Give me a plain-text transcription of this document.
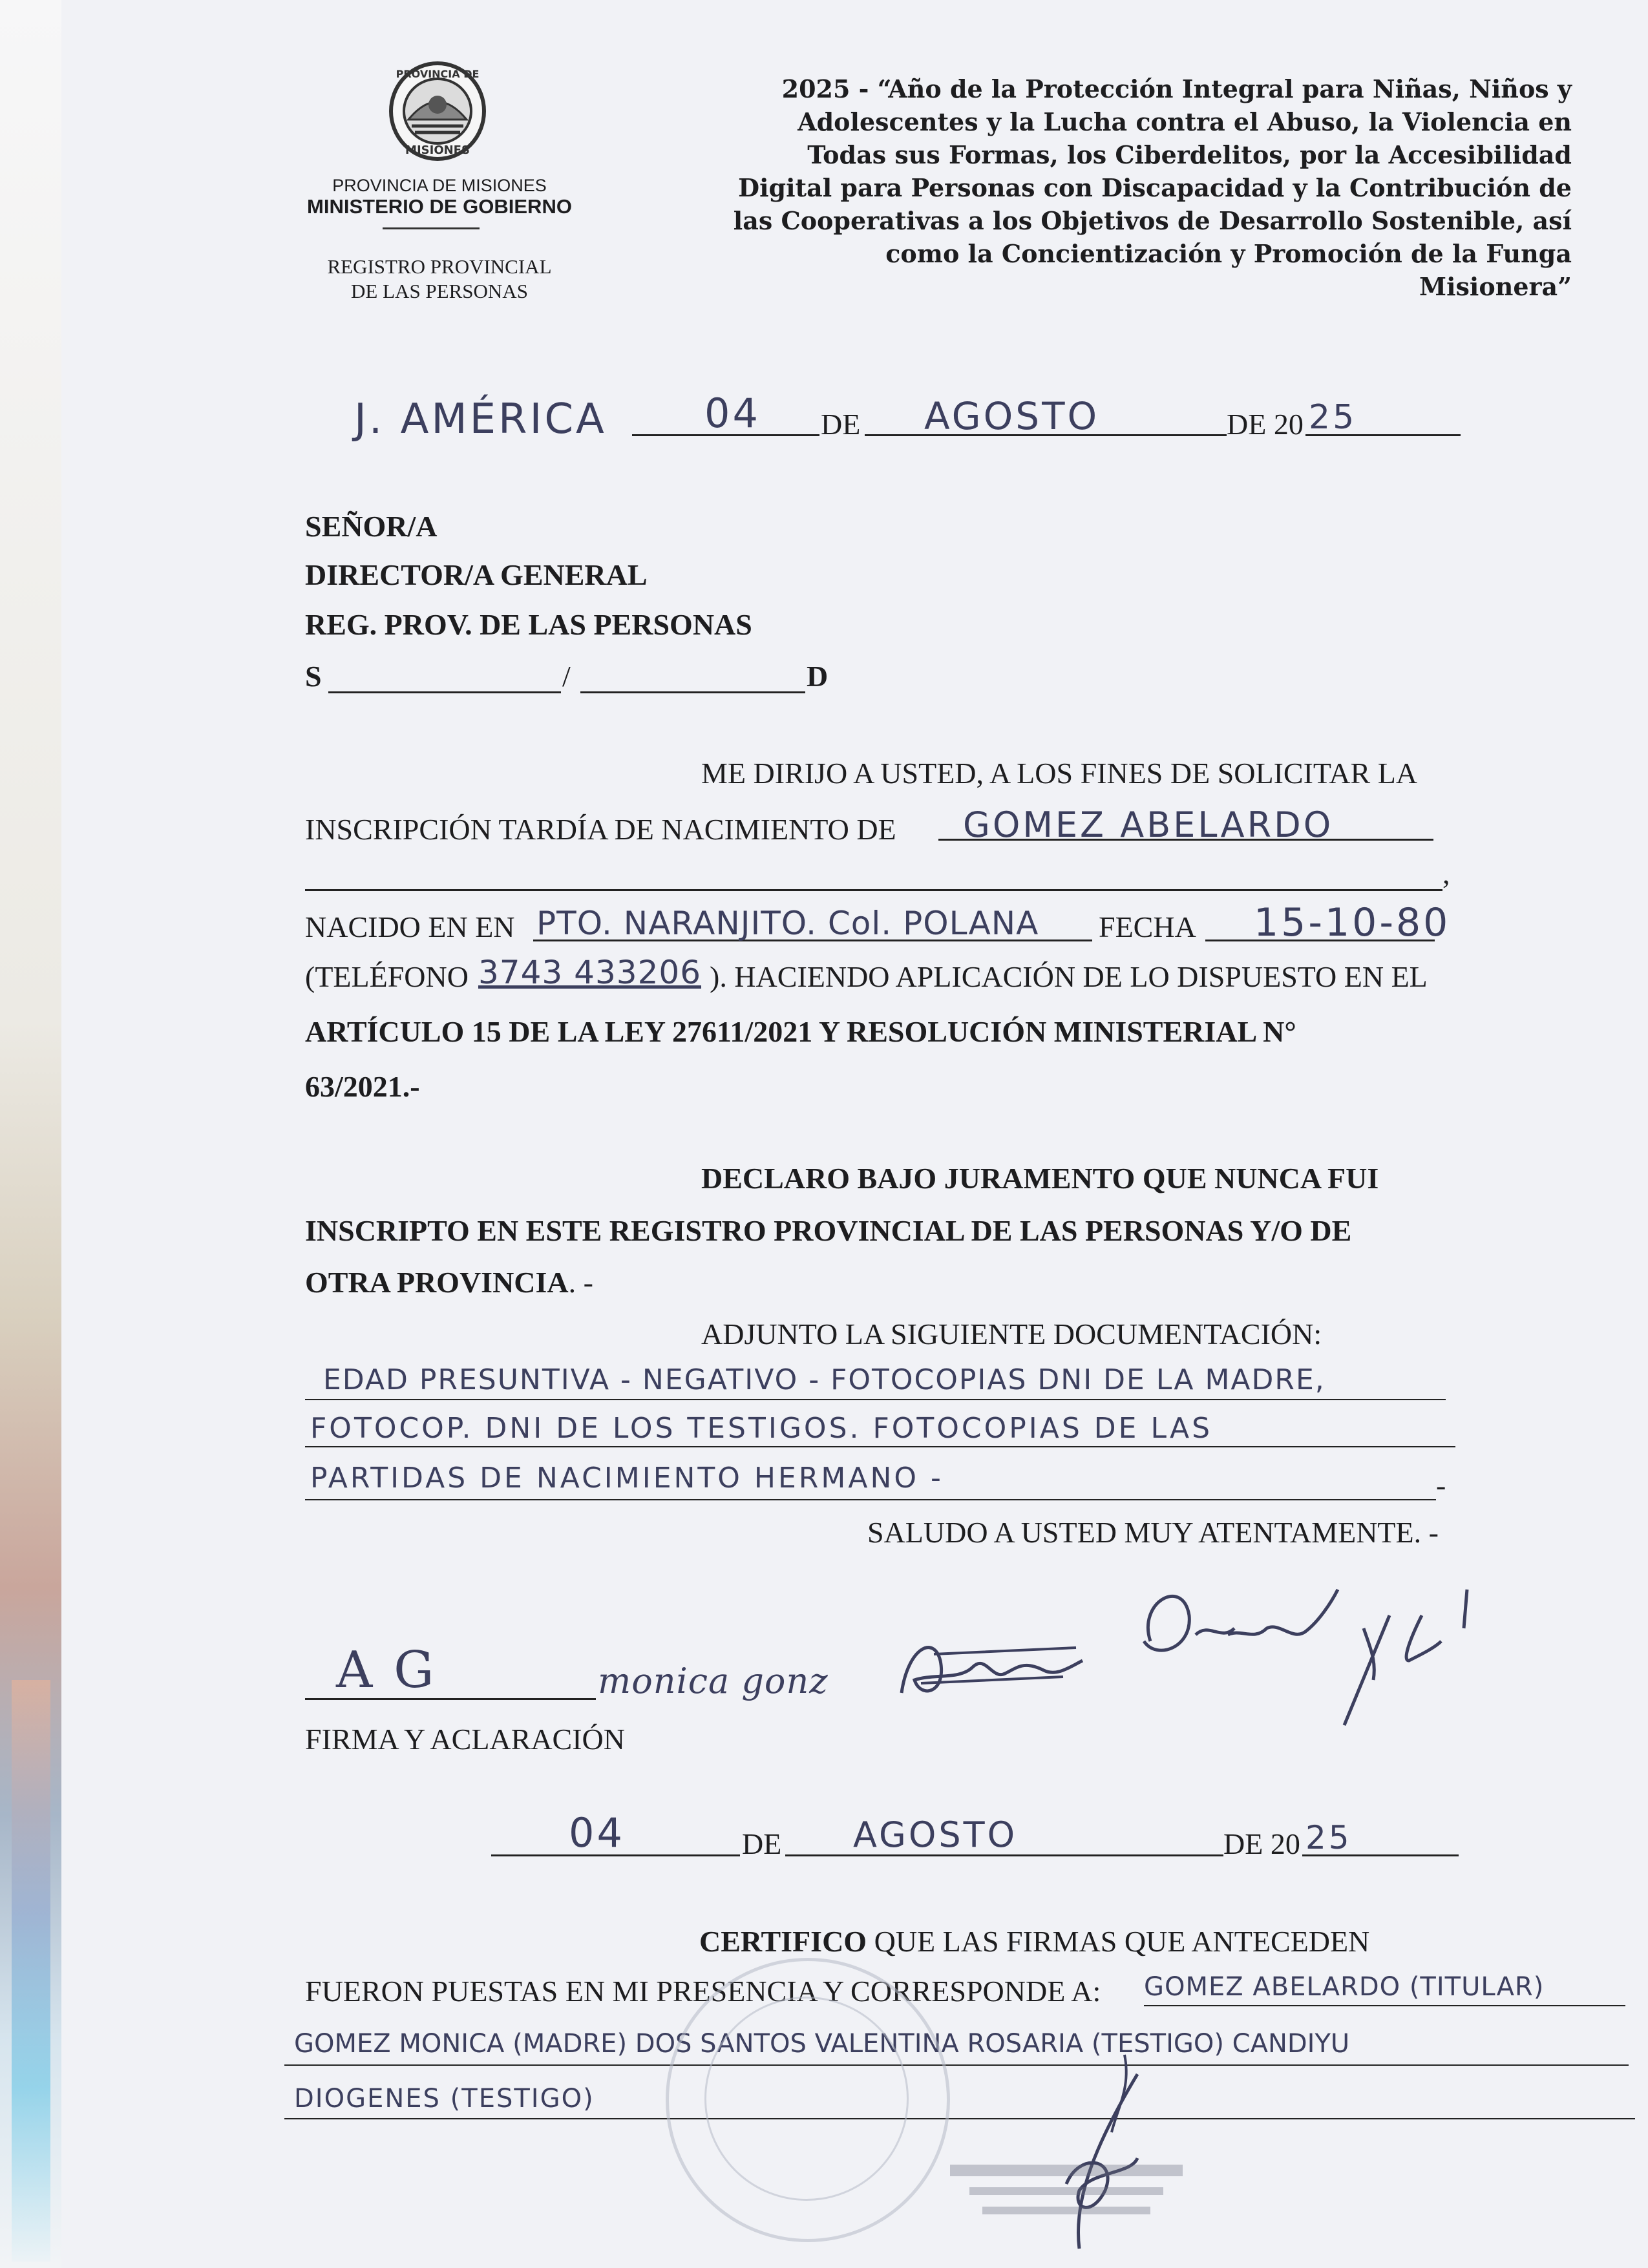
PROVINCIA DE
MISIONES
PROVINCIA DE MISIONES
MINISTERIO DE GOBIERNO
REGISTRO PROVINCIAL
DE LAS PERSONAS
2025 - “Año de la Protección Integral para Niñas, Niños y Adolescentes y la Lucha contra el Abuso, la Violencia en Todas sus Formas, los Ciberdelitos, por la Accesibilidad Digital para Personas con Discapacidad y la Contribución de las Cooperativas a los Objetivos de Desarrollo Sostenible, así como la Concientización y Promoción de la Funga Misionera”
J. AMÉRICA 04 DE AGOSTO	DE 20 25
SEÑOR/A
DIRECTOR/A GENERAL
REG. PROV. DE LAS PERSONAS
S	/	D
ME DIRIJO A USTED, A LOS FINES DE SOLICITAR LA
INSCRIPCIÓN TARDÍA DE NACIMIENTO DE GOMEZ ABELARDO
,
NACIDO EN EN PTO. NARANJITO. Col. POLANA FECHA 15-10-80
(TELÉFONO 3743 433206 ). HACIENDO APLICACIÓN DE LO DISPUESTO EN EL
ARTÍCULO 15 DE LA LEY 27611/2021 Y RESOLUCIÓN MINISTERIAL N°
63/2021.-
DECLARO BAJO JURAMENTO QUE NUNCA FUI
INSCRIPTO EN ESTE REGISTRO PROVINCIAL DE LAS PERSONAS Y/O DE
OTRA PROVINCIA. -
ADJUNTO LA SIGUIENTE DOCUMENTACIÓN:
EDAD PRESUNTIVA - NEGATIVO - FOTOCOPIAS DNI DE LA MADRE,
FOTOCOP. DNI DE LOS TESTIGOS. FOTOCOPIAS DE LAS
PARTIDAS DE NACIMIENTO HERMANO -	-
SALUDO A USTED MUY ATENTAMENTE. -
A G	monica gonz
FIRMA Y ACLARACIÓN
04	DE AGOSTO	DE 20 25
CERTIFICO QUE LAS FIRMAS QUE ANTECEDEN
FUERON PUESTAS EN MI PRESENCIA Y CORRESPONDE A: GOMEZ ABELARDO (TITULAR)
GOMEZ MONICA (MADRE) DOS SANTOS VALENTINA ROSARIA (TESTIGO) CANDIYU
DIOGENES (TESTIGO)
